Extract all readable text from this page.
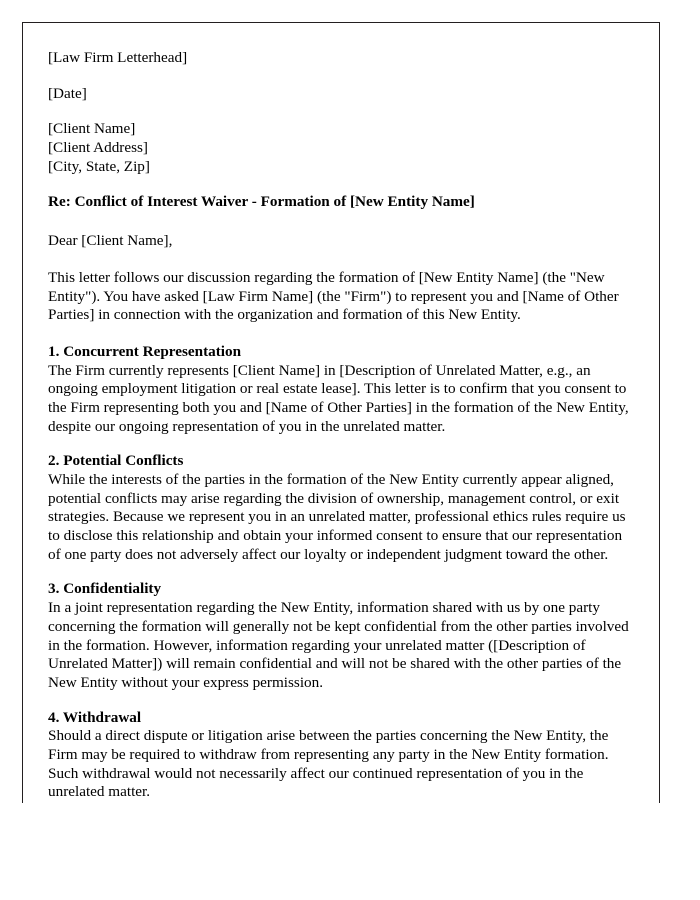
[Law Firm Letterhead]

[Date]

[Client Name]

[Client Address]

[City, State, Zip]

Re: Conflict of Interest Waiver - Formation of [New Entity Name]

Dear [Client Name],

This letter follows our discussion regarding the formation of [New Entity Name] (the "New Entity"). You have asked [Law Firm Name] (the "Firm") to represent you and [Name of Other Parties] in connection with the organization and formation of this New Entity.

1. Concurrent Representation

The Firm currently represents [Client Name] in [Description of Unrelated Matter, e.g., an ongoing employment litigation or real estate lease]. This letter is to confirm that you consent to the Firm representing both you and [Name of Other Parties] in the formation of the New Entity, despite our ongoing representation of you in the unrelated matter.

2. Potential Conflicts

While the interests of the parties in the formation of the New Entity currently appear aligned, potential conflicts may arise regarding the division of ownership, management control, or exit strategies. Because we represent you in an unrelated matter, professional ethics rules require us to disclose this relationship and obtain your informed consent to ensure that our representation of one party does not adversely affect our loyalty or independent judgment toward the other.

3. Confidentiality

In a joint representation regarding the New Entity, information shared with us by one party concerning the formation will generally not be kept confidential from the other parties involved in the formation. However, information regarding your unrelated matter ([Description of Unrelated Matter]) will remain confidential and will not be shared with the other parties of the New Entity without your express permission.

4. Withdrawal

Should a direct dispute or litigation arise between the parties concerning the New Entity, the Firm may be required to withdraw from representing any party in the New Entity formation. Such withdrawal would not necessarily affect our continued representation of you in the unrelated matter.
